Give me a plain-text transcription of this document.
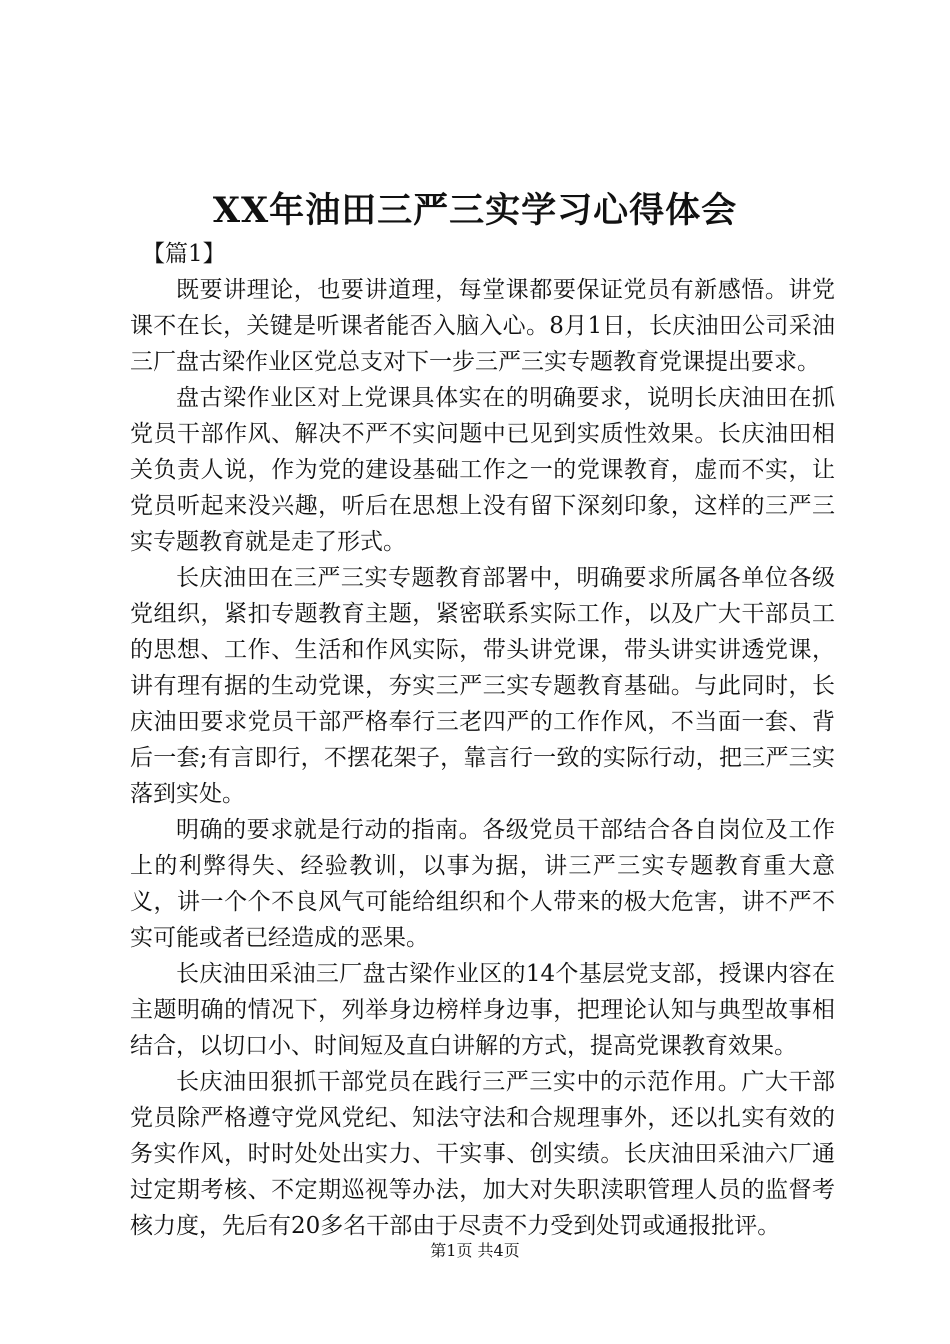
XX年油田三严三实学习心得体会

【篇1】

既要讲理论，也要讲道理，每堂课都要保证党员有新感悟。讲党课不在长，关键是听课者能否入脑入心。8月1日，长庆油田公司采油三厂盘古梁作业区党总支对下一步三严三实专题教育党课提出要求。

盘古梁作业区对上党课具体实在的明确要求，说明长庆油田在抓党员干部作风、解决不严不实问题中已见到实质性效果。长庆油田相关负责人说，作为党的建设基础工作之一的党课教育，虚而不实，让党员听起来没兴趣，听后在思想上没有留下深刻印象，这样的三严三实专题教育就是走了形式。

长庆油田在三严三实专题教育部署中，明确要求所属各单位各级党组织，紧扣专题教育主题，紧密联系实际工作，以及广大干部员工的思想、工作、生活和作风实际，带头讲党课，带头讲实讲透党课，讲有理有据的生动党课，夯实三严三实专题教育基础。与此同时，长庆油田要求党员干部严格奉行三老四严的工作作风，不当面一套、背后一套;有言即行，不摆花架子，靠言行一致的实际行动，把三严三实落到实处。

明确的要求就是行动的指南。各级党员干部结合各自岗位及工作上的利弊得失、经验教训，以事为据，讲三严三实专题教育重大意义，讲一个个不良风气可能给组织和个人带来的极大危害，讲不严不实可能或者已经造成的恶果。

长庆油田采油三厂盘古梁作业区的14个基层党支部，授课内容在主题明确的情况下，列举身边榜样身边事，把理论认知与典型故事相结合，以切口小、时间短及直白讲解的方式，提高党课教育效果。

长庆油田狠抓干部党员在践行三严三实中的示范作用。广大干部党员除严格遵守党风党纪、知法守法和合规理事外，还以扎实有效的务实作风，时时处处出实力、干实事、创实绩。长庆油田采油六厂通过定期考核、不定期巡视等办法，加大对失职渎职管理人员的监督考核力度，先后有20多名干部由于尽责不力受到处罚或通报批评。

第1页 共4页
